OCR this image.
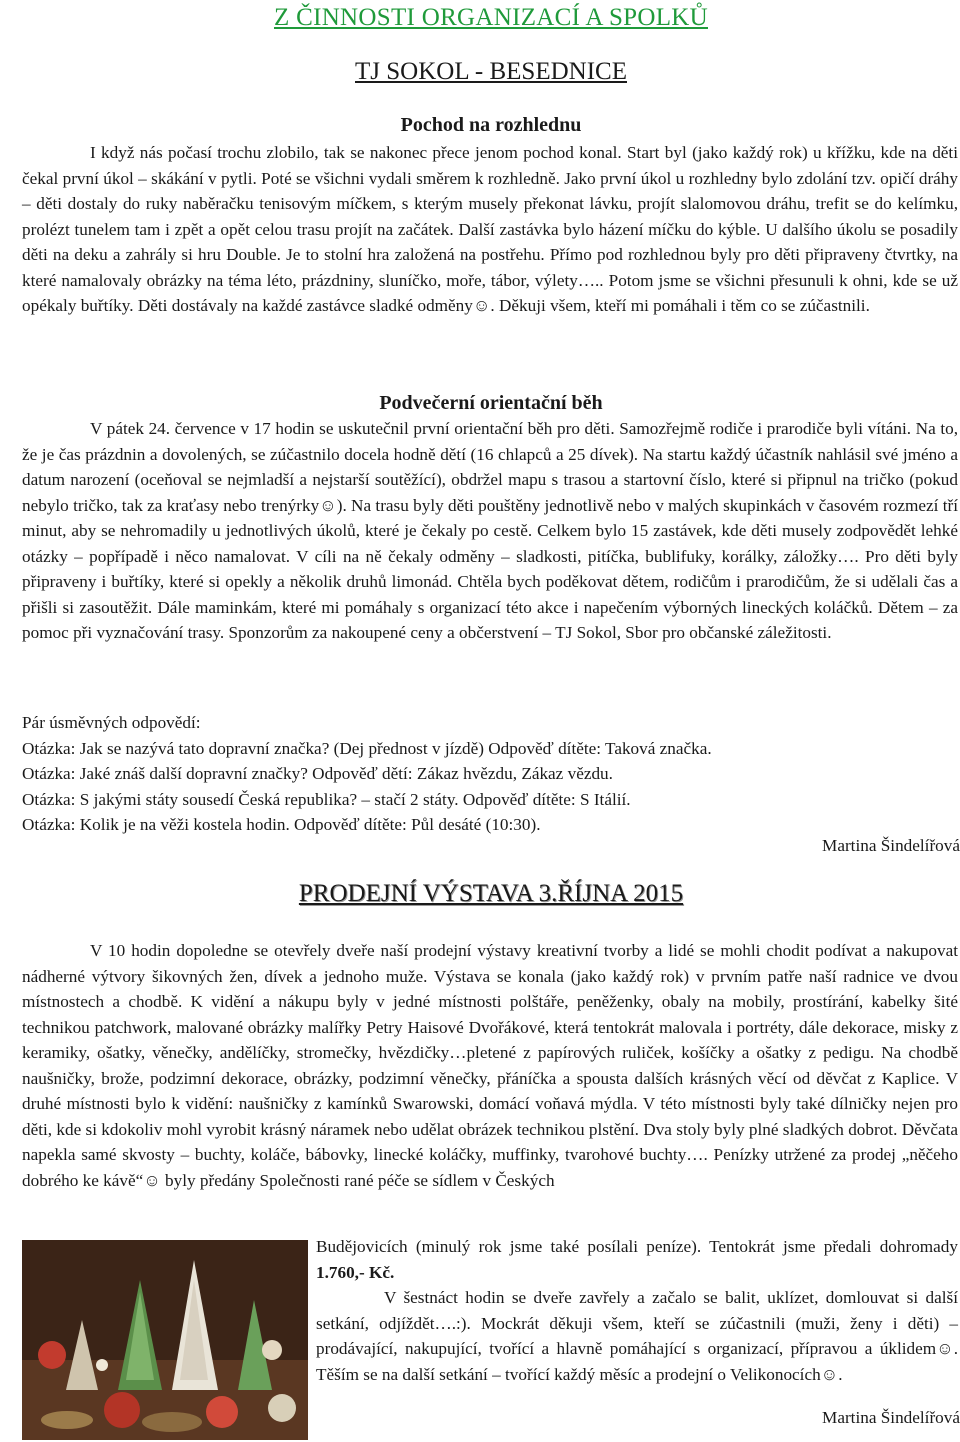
Z ČINNOSTI ORGANIZACÍ A SPOLKŮ
TJ SOKOL - BESEDNICE
Pochod na rozhlednu

I když nás počasí trochu zlobilo, tak se nakonec přece jenom pochod konal. Start byl (jako každý rok) u křížku, kde na děti čekal první úkol – skákání v pytli. Poté se všichni vydali směrem k rozhledně. Jako první úkol u rozhledny bylo zdolání tzv. opičí dráhy – děti dostaly do ruky naběračku tenisovým míčkem, s kterým musely překonat lávku, projít slalomovou dráhu, trefit se do kelímku, prolézt tunelem tam i zpět a opět celou trasu projít na začátek. Další zastávka bylo házení míčku do kýble. U dalšího úkolu se posadily děti na deku a zahrály si hru Double. Je to stolní hra založená na postřehu. Přímo pod rozhlednou byly pro děti připraveny čtvrtky, na které namalovaly obrázky na téma léto, prázdniny, sluníčko, moře, tábor, výlety….. Potom jsme se všichni přesunuli k ohni, kde se už opékaly buřtíky. Děti dostávaly na každé zastávce sladké odměny☺. Děkuji všem, kteří mi pomáhali i těm co se zúčastnili.

Podvečerní orientační běh

V pátek 24. července v 17 hodin se uskutečnil první orientační běh pro děti. Samozřejmě rodiče i prarodiče byli vítáni. Na to, že je čas prázdnin a dovolených, se zúčastnilo docela hodně dětí (16 chlapců a 25 dívek). Na startu každý účastník nahlásil své jméno a datum narození (oceňoval se nejmladší a nejstarší soutěžící), obdržel mapu s trasou a startovní číslo, které si připnul na tričko (pokud nebylo tričko, tak za kraťasy nebo trenýrky☺). Na trasu byly děti pouštěny jednotlivě nebo v malých skupinkách v časovém rozmezí tří minut, aby se nehromadily u jednotlivých úkolů, které je čekaly po cestě. Celkem bylo 15 zastávek, kde děti musely zodpovědět lehké otázky – popřípadě i něco namalovat. V cíli na ně čekaly odměny – sladkosti, pitíčka, bublifuky, korálky, záložky…. Pro děti byly připraveny i buřtíky, které si opekly a několik druhů limonád. Chtěla bych poděkovat dětem, rodičům i prarodičům, že si udělali čas a přišli si zasoutěžit. Dále maminkám, které mi pomáhaly s organizací této akce i napečením výborných lineckých koláčků. Dětem – za pomoc při vyznačování trasy. Sponzorům za nakoupené ceny a občerstvení – TJ Sokol, Sbor pro občanské záležitosti.

Pár úsměvných odpovědí:
Otázka: Jak se nazývá tato dopravní značka? (Dej přednost v jízdě) Odpověď dítěte: Taková značka.
Otázka: Jaké znáš další dopravní značky? Odpověď dětí: Zákaz hvězdu, Zákaz vězdu.
Otázka: S jakými státy sousedí Česká republika? – stačí 2 státy. Odpověď dítěte: S Itálií.
Otázka: Kolik je na věži kostela hodin. Odpověď dítěte: Půl desáté (10:30).
Martina Šindelířová
PRODEJNÍ VÝSTAVA 3.ŘÍJNA 2015

V 10 hodin dopoledne se otevřely dveře naší prodejní výstavy kreativní tvorby a lidé se mohli chodit podívat a nakupovat nádherné výtvory šikovných žen, dívek a jednoho muže. Výstava se konala (jako každý rok) v prvním patře naší radnice ve dvou místnostech a chodbě. K vidění a nákupu byly v jedné místnosti polštáře, peněženky, obaly na mobily, prostírání, kabelky šité technikou patchwork, malované obrázky malířky Petry Haisové Dvořákové, která tentokrát malovala i portréty, dále dekorace, misky z keramiky, ošatky, věnečky, andělíčky, stromečky, hvězdičky…pletené z papírových ruliček, košíčky a ošatky z pedigu. Na chodbě naušničky, brože, podzimní dekorace, obrázky, podzimní věnečky, přáníčka a spousta dalších krásných věcí od děvčat z Kaplice. V druhé místnosti bylo k vidění: naušničky z kamínků Swarowski, domácí voňavá mýdla. V této místnosti byly také dílničky nejen pro děti, kde si kdokoliv mohl vyrobit krásný náramek nebo udělat obrázek technikou plstění. Dva stoly byly plné sladkých dobrot. Děvčata napekla samé skvosty – buchty, koláče, bábovky, linecké koláčky, muffinky, tvarohové buchty…. Penízky utržené za prodej „něčeho dobrého ke kávě“☺ byly předány Společnosti rané péče se sídlem v Českých

Budějovicích (minulý rok jsme také posílali peníze). Tentokrát jsme předali dohromady 1.760,- Kč.
V šestnáct hodin se dveře zavřely a začalo se balit, uklízet, domlouvat si další setkání, odjíždět….:). Mockrát děkuji všem, kteří se zúčastnili (muži, ženy i děti) – prodávající, nakupující, tvořící a hlavně pomáhající s organizací, přípravou a úklidem☺. Těším se na další setkání – tvořící každý měsíc a prodejní o Velikonocích☺.

Martina Šindelířová
